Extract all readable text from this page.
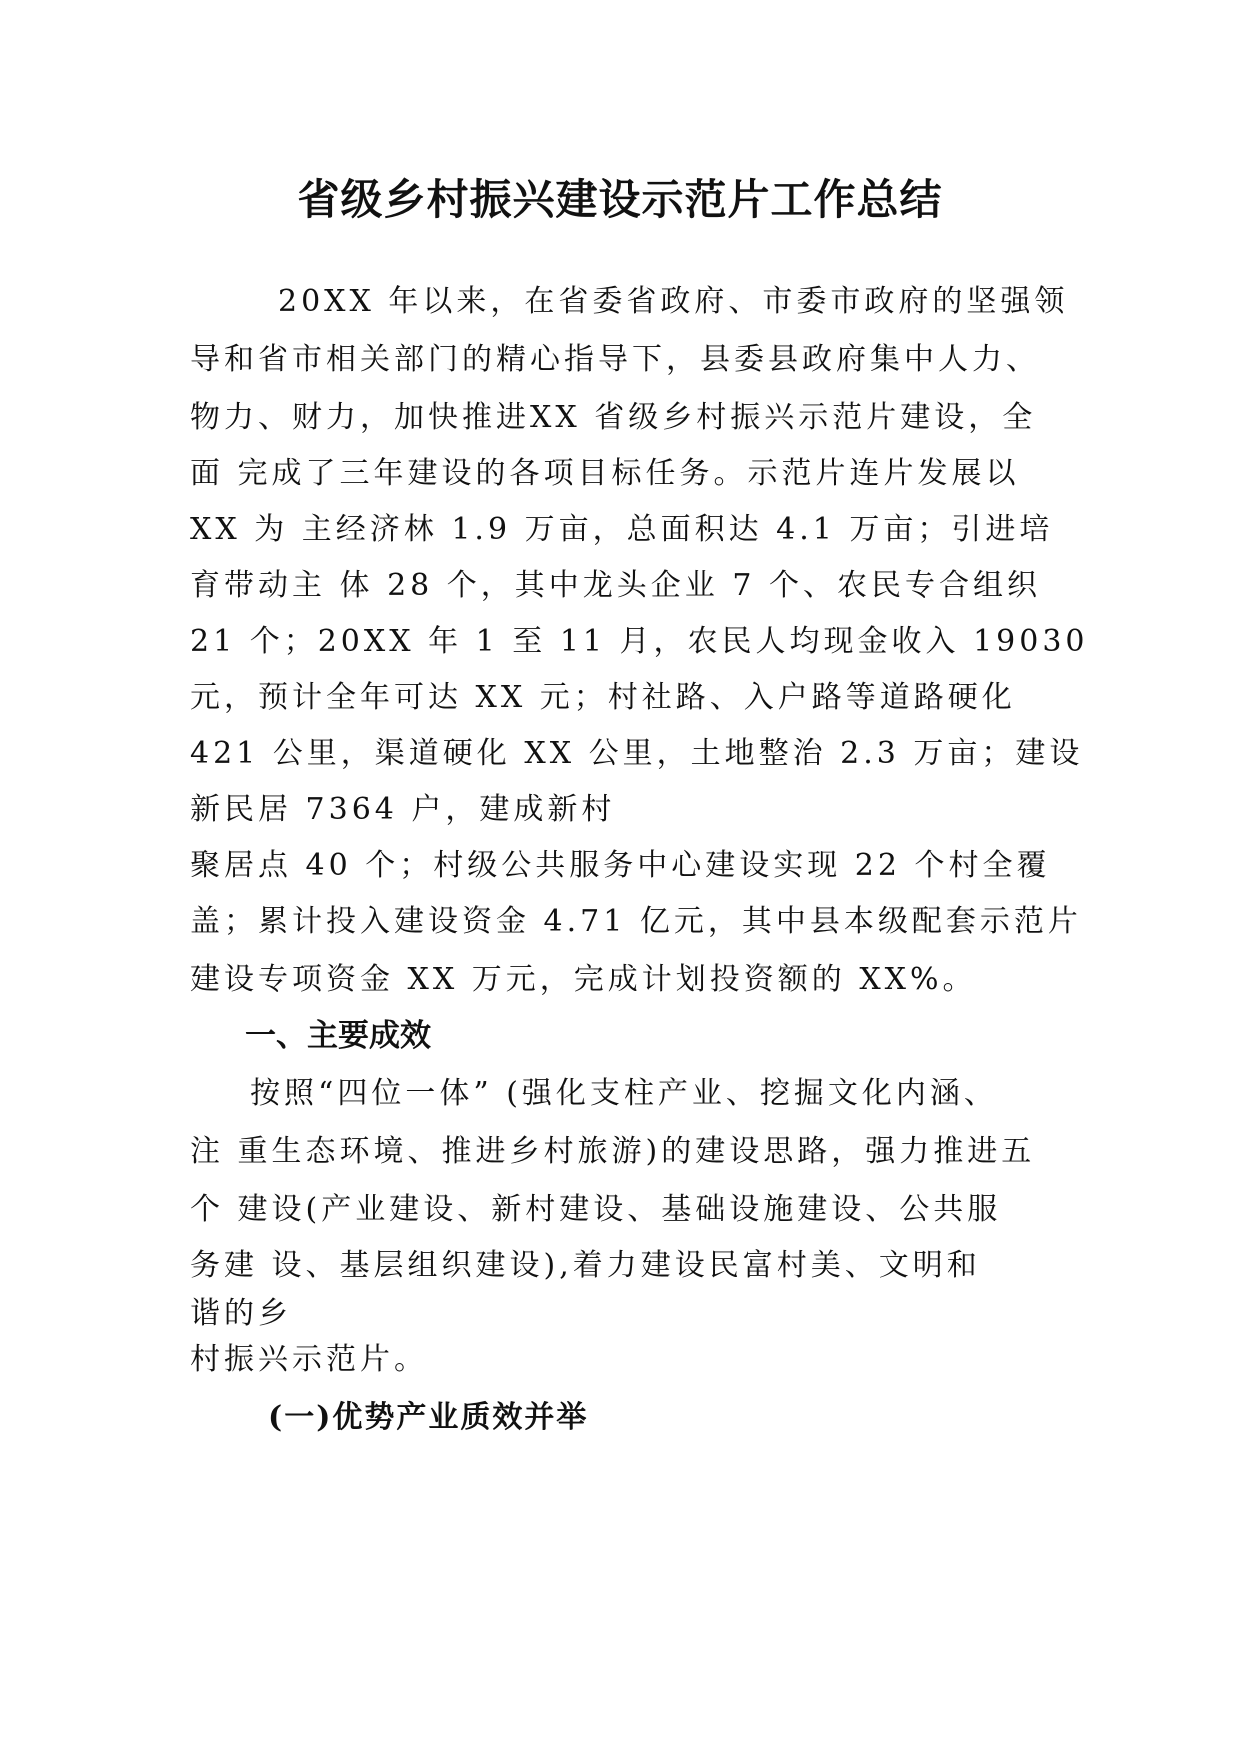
省级乡村振兴建设示范片工作总结
20XX 年以来，在省委省政府、市委市政府的坚强领
导和省市相关部门的精心指导下，县委县政府集中人力、
物力、财力，加快推进XX 省级乡村振兴示范片建设，全
面 完成了三年建设的各项目标任务。示范片连片发展以
XX 为 主经济林 1.9 万亩，总面积达 4.1 万亩；引进培
育带动主 体 28 个，其中龙头企业 7 个、农民专合组织
21 个；20XX 年 1 至 11 月，农民人均现金收入 19030
元，预计全年可达 XX 元；村社路、入户路等道路硬化
421 公里，渠道硬化 XX 公里，土地整治 2.3 万亩；建设
新民居 7364 户，建成新村
聚居点 40 个；村级公共服务中心建设实现 22 个村全覆
盖；累计投入建设资金 4.71 亿元，其中县本级配套示范片
建设专项资金 XX 万元，完成计划投资额的 XX%。
一、主要成效
按照“四位一体” (强化支柱产业、挖掘文化内涵、
注 重生态环境、推进乡村旅游)的建设思路，强力推进五
个 建设(产业建设、新村建设、基础设施建设、公共服
务建 设、基层组织建设),着力建设民富村美、文明和
谐的乡
村振兴示范片。
(一)优势产业质效并举
